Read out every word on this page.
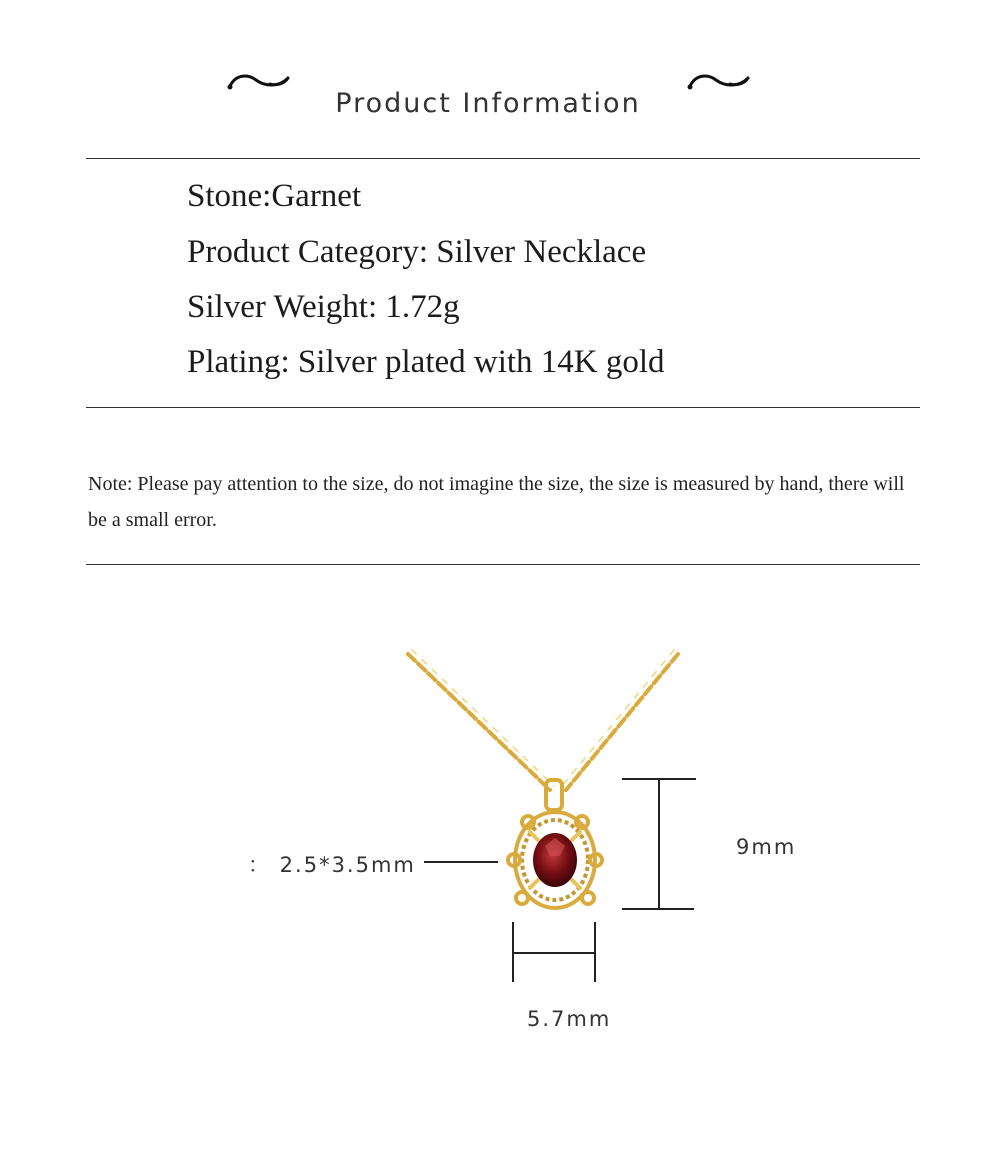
Product Information
Stone:Garnet
Product Category: Silver Necklace
Silver Weight: 1.72g
Plating: Silver plated with 14K gold
Note: Please pay attention to the size, do not imagine the size, the size is measured by hand, there will be a small error.
： 2.5*3.5mm
9mm
5.7mm
